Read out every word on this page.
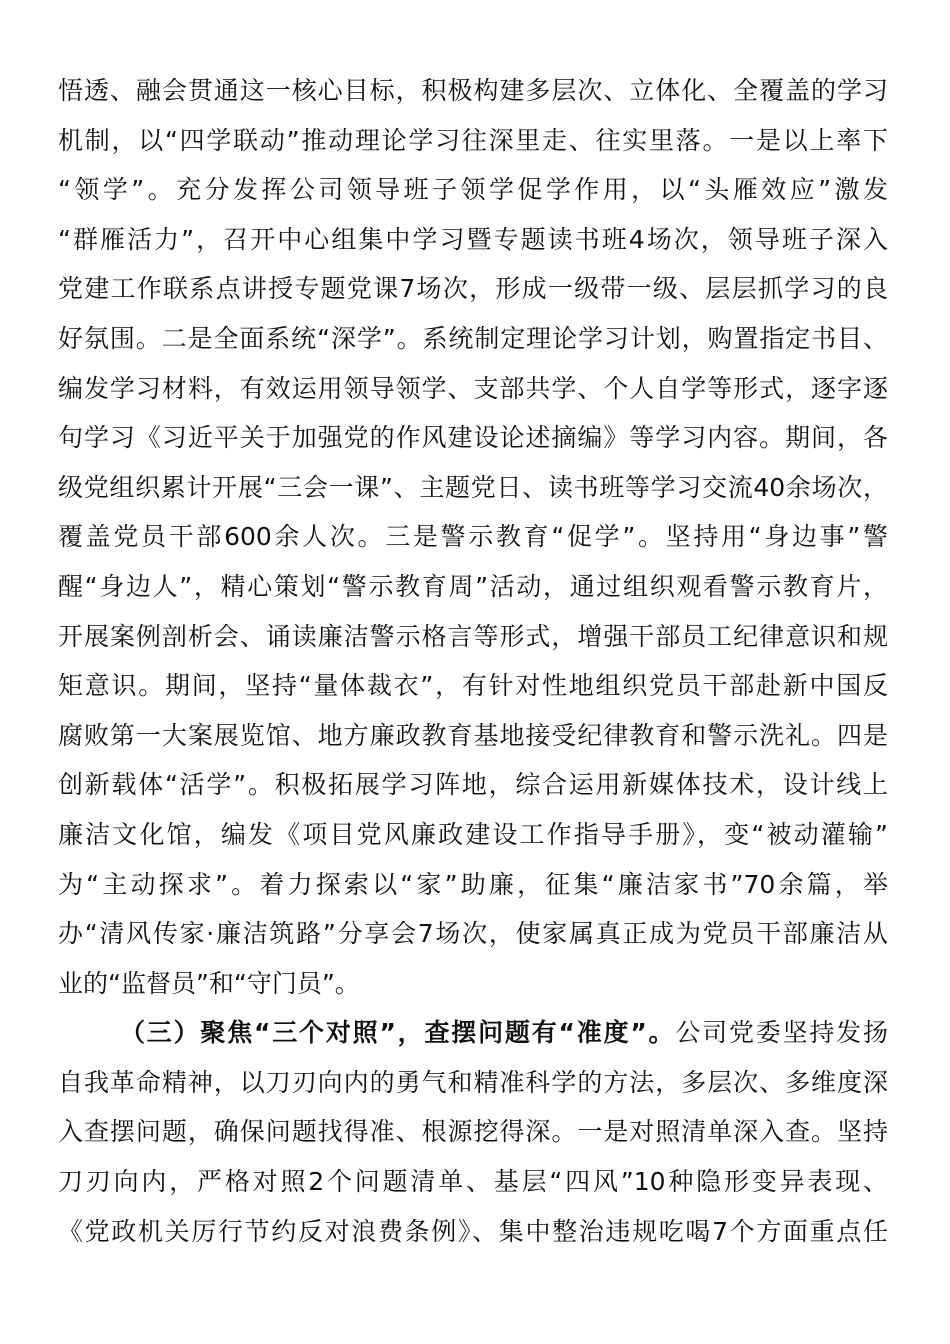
悟透、融会贯通这一核心目标，积极构建多层次、立体化、全覆盖的学习
机制，以“四学联动”推动理论学习往深里走、往实里落。一是以上率下
“领学”。充分发挥公司领导班子领学促学作用，以“头雁效应”激发
“群雁活力”，召开中心组集中学习暨专题读书班4场次，领导班子深入
党建工作联系点讲授专题党课7场次，形成一级带一级、层层抓学习的良
好氛围。二是全面系统“深学”。系统制定理论学习计划，购置指定书目、
编发学习材料，有效运用领导领学、支部共学、个人自学等形式，逐字逐
句学习《习近平关于加强党的作风建设论述摘编》等学习内容。期间，各
级党组织累计开展“三会一课”、主题党日、读书班等学习交流40余场次，
覆盖党员干部600余人次。三是警示教育“促学”。坚持用“身边事”警
醒“身边人”，精心策划“警示教育周”活动，通过组织观看警示教育片，
开展案例剖析会、诵读廉洁警示格言等形式，增强干部员工纪律意识和规
矩意识。期间，坚持“量体裁衣”，有针对性地组织党员干部赴新中国反
腐败第一大案展览馆、地方廉政教育基地接受纪律教育和警示洗礼。四是
创新载体“活学”。积极拓展学习阵地，综合运用新媒体技术，设计线上
廉洁文化馆，编发《项目党风廉政建设工作指导手册》，变“被动灌输”
为“主动探求”。着力探索以“家”助廉，征集“廉洁家书”70余篇，举
办“清风传家·廉洁筑路”分享会7场次，使家属真正成为党员干部廉洁从
业的“监督员”和“守门员”。
（三）聚焦“三个对照”，查摆问题有“准度”。公司党委坚持发扬
自我革命精神，以刀刃向内的勇气和精准科学的方法，多层次、多维度深
入查摆问题，确保问题找得准、根源挖得深。一是对照清单深入查。坚持
刀刃向内，严格对照2个问题清单、基层“四风”10种隐形变异表现、
《党政机关厉行节约反对浪费条例》、集中整治违规吃喝7个方面重点任
